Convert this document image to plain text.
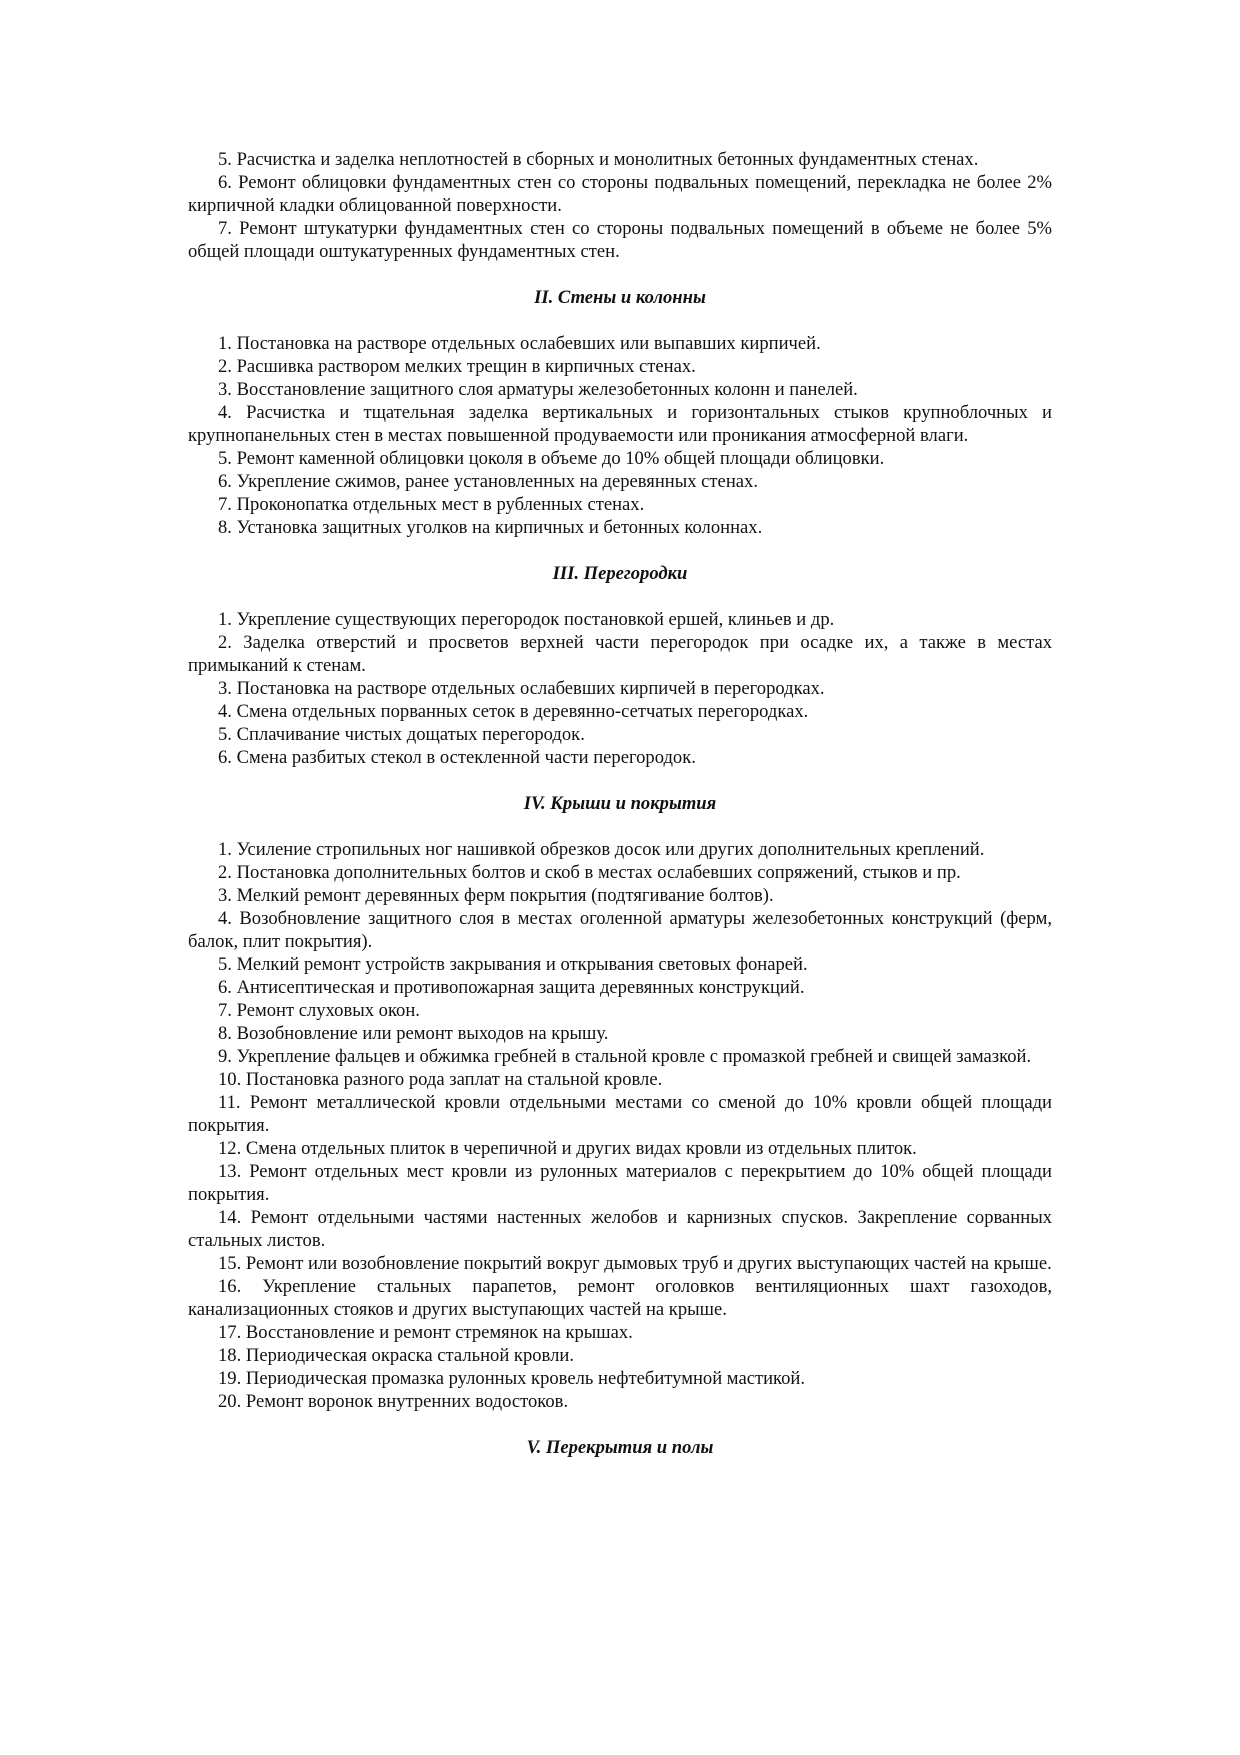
5. Расчистка и заделка неплотностей в сборных и монолитных бетонных фундаментных стенах.

6. Ремонт облицовки фундаментных стен со стороны подвальных помещений, перекладка не более 2% кирпичной кладки облицованной поверхности.

7. Ремонт штукатурки фундаментных стен со стороны подвальных помещений в объеме не более 5% общей площади оштукатуренных фундаментных стен.

II. Стены и колонны

1. Постановка на растворе отдельных ослабевших или выпавших кирпичей.

2. Расшивка раствором мелких трещин в кирпичных стенах.

3. Восстановление защитного слоя арматуры железобетонных колонн и панелей.

4. Расчистка и тщательная заделка вертикальных и горизонтальных стыков крупноблочных и крупнопанельных стен в местах повышенной продуваемости или проникания атмосферной влаги.

5. Ремонт каменной облицовки цоколя в объеме до 10% общей площади облицовки.

6. Укрепление сжимов, ранее установленных на деревянных стенах.

7. Проконопатка отдельных мест в рубленных стенах.

8. Установка защитных уголков на кирпичных и бетонных колоннах.

III. Перегородки

1. Укрепление существующих перегородок постановкой ершей, клиньев и др.

2. Заделка отверстий и просветов верхней части перегородок при осадке их, а также в местах примыканий к стенам.

3. Постановка на растворе отдельных ослабевших кирпичей в перегородках.

4. Смена отдельных порванных сеток в деревянно-сетчатых перегородках.

5. Сплачивание чистых дощатых перегородок.

6. Смена разбитых стекол в остекленной части перегородок.

IV. Крыши и покрытия

1. Усиление стропильных ног нашивкой обрезков досок или других дополнительных креплений.

2. Постановка дополнительных болтов и скоб в местах ослабевших сопряжений, стыков и пр.

3. Мелкий ремонт деревянных ферм покрытия (подтягивание болтов).

4. Возобновление защитного слоя в местах оголенной арматуры железобетонных конструкций (ферм, балок, плит покрытия).

5. Мелкий ремонт устройств закрывания и открывания световых фонарей.

6. Антисептическая и противопожарная защита деревянных конструкций.

7. Ремонт слуховых окон.

8. Возобновление или ремонт выходов на крышу.

9. Укрепление фальцев и обжимка гребней в стальной кровле с промазкой гребней и свищей замазкой.

10. Постановка разного рода заплат на стальной кровле.

11. Ремонт металлической кровли отдельными местами со сменой до 10% кровли общей площади покрытия.

12. Смена отдельных плиток в черепичной и других видах кровли из отдельных плиток.

13. Ремонт отдельных мест кровли из рулонных материалов с перекрытием до 10% общей площади покрытия.

14. Ремонт отдельными частями настенных желобов и карнизных спусков. Закрепление сорванных стальных листов.

15. Ремонт или возобновление покрытий вокруг дымовых труб и других выступающих частей на крыше.

16. Укрепление стальных парапетов, ремонт оголовков вентиляционных шахт газоходов, канализационных стояков и других выступающих частей на крыше.

17. Восстановление и ремонт стремянок на крышах.

18. Периодическая окраска стальной кровли.

19. Периодическая промазка рулонных кровель нефтебитумной мастикой.

20. Ремонт воронок внутренних водостоков.

V. Перекрытия и полы
